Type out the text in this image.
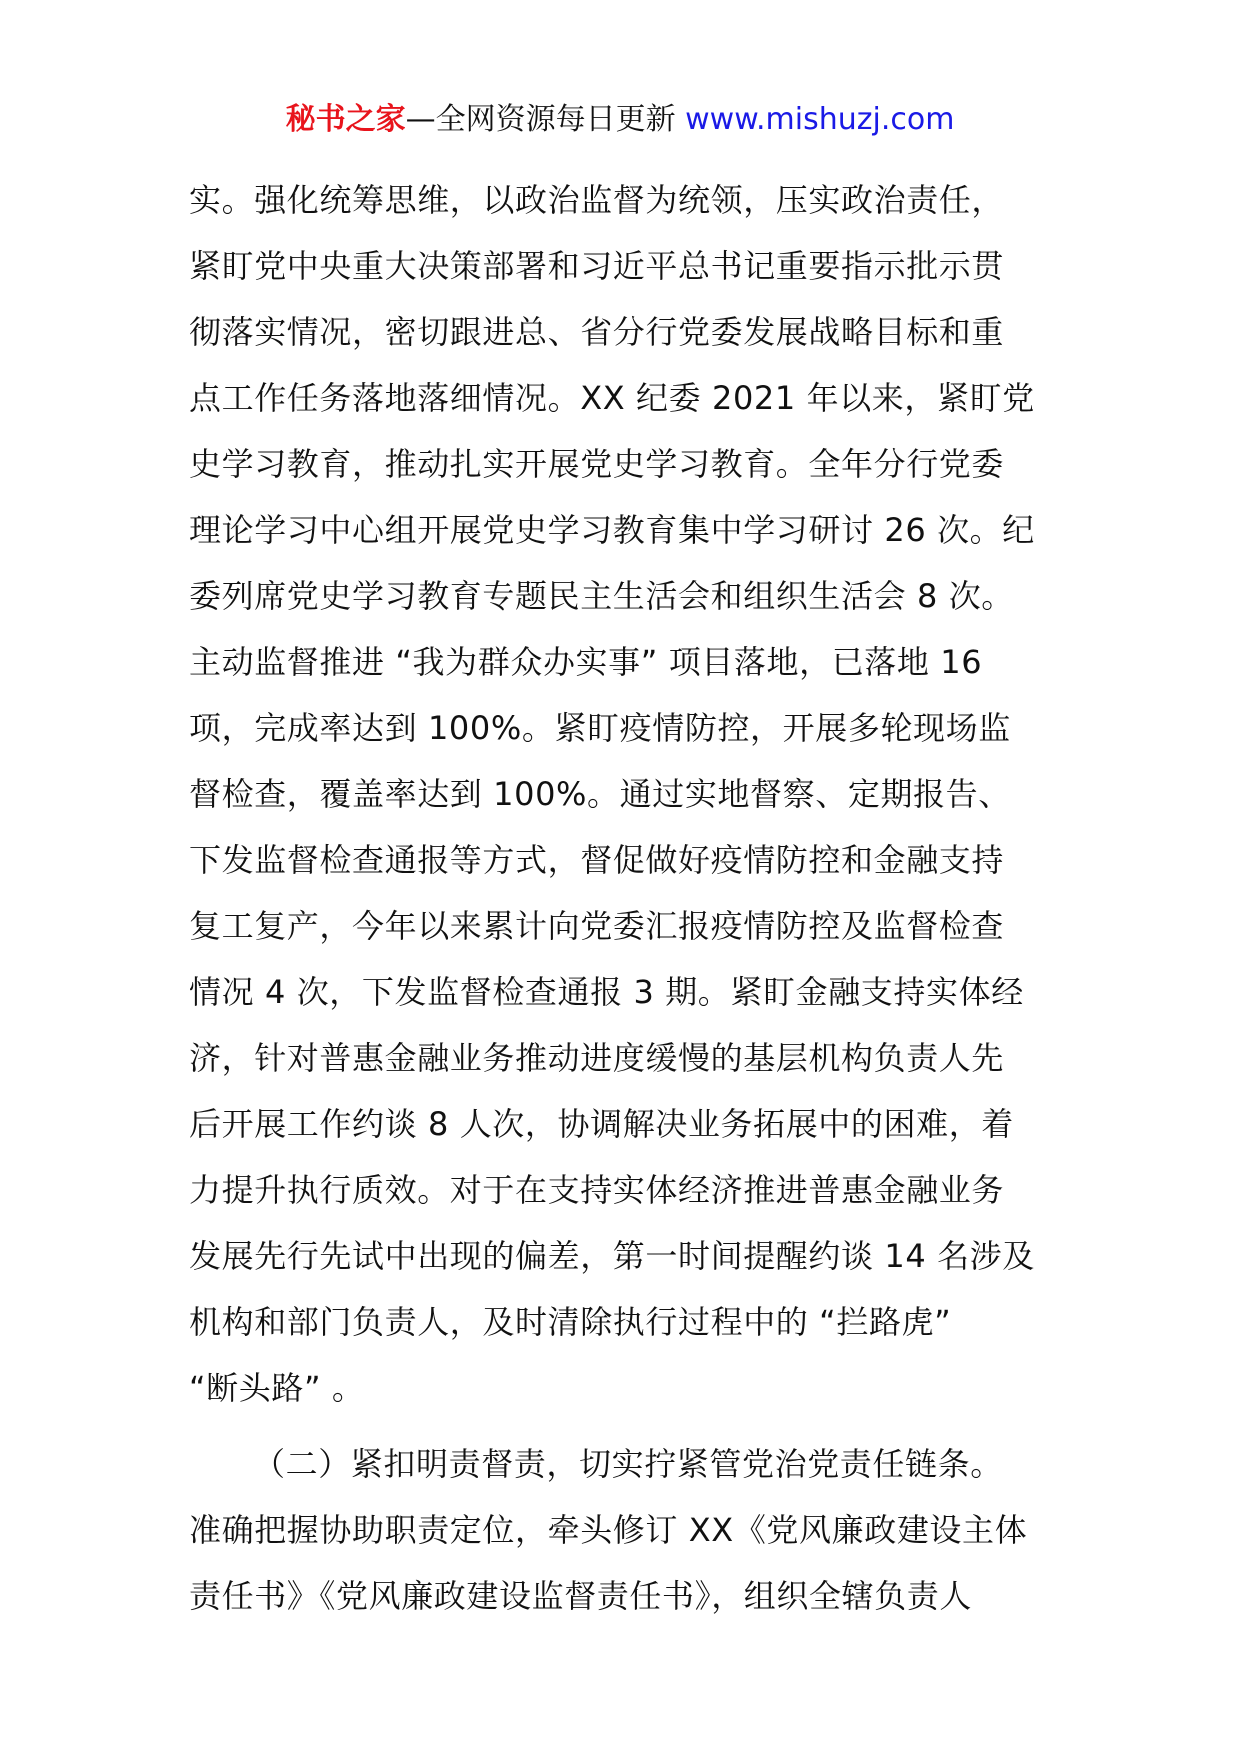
秘书之家—全网资源每日更新 www.mishuzj.com
实。强化统筹思维，以政治监督为统领，压实政治责任，
紧盯党中央重大决策部署和习近平总书记重要指示批示贯
彻落实情况，密切跟进总、省分行党委发展战略目标和重
点工作任务落地落细情况。XX 纪委 2021 年以来，紧盯党
史学习教育，推动扎实开展党史学习教育。全年分行党委
理论学习中心组开展党史学习教育集中学习研讨 26 次。纪
委列席党史学习教育专题民主生活会和组织生活会 8 次。
主动监督推进 “我为群众办实事” 项目落地，已落地 16
项，完成率达到 100%。紧盯疫情防控，开展多轮现场监
督检查，覆盖率达到 100%。通过实地督察、定期报告、
下发监督检查通报等方式，督促做好疫情防控和金融支持
复工复产，今年以来累计向党委汇报疫情防控及监督检查
情况 4 次，下发监督检查通报 3 期。紧盯金融支持实体经
济，针对普惠金融业务推动进度缓慢的基层机构负责人先
后开展工作约谈 8 人次，协调解决业务拓展中的困难，着
力提升执行质效。对于在支持实体经济推进普惠金融业务
发展先行先试中出现的偏差，第一时间提醒约谈 14 名涉及
机构和部门负责人，及时清除执行过程中的 “拦路虎”
“断头路” 。
（二）紧扣明责督责，切实拧紧管党治党责任链条。
准确把握协助职责定位，牵头修订 XX《党风廉政建设主体
责任书》《党风廉政建设监督责任书》，组织全辖负责人
